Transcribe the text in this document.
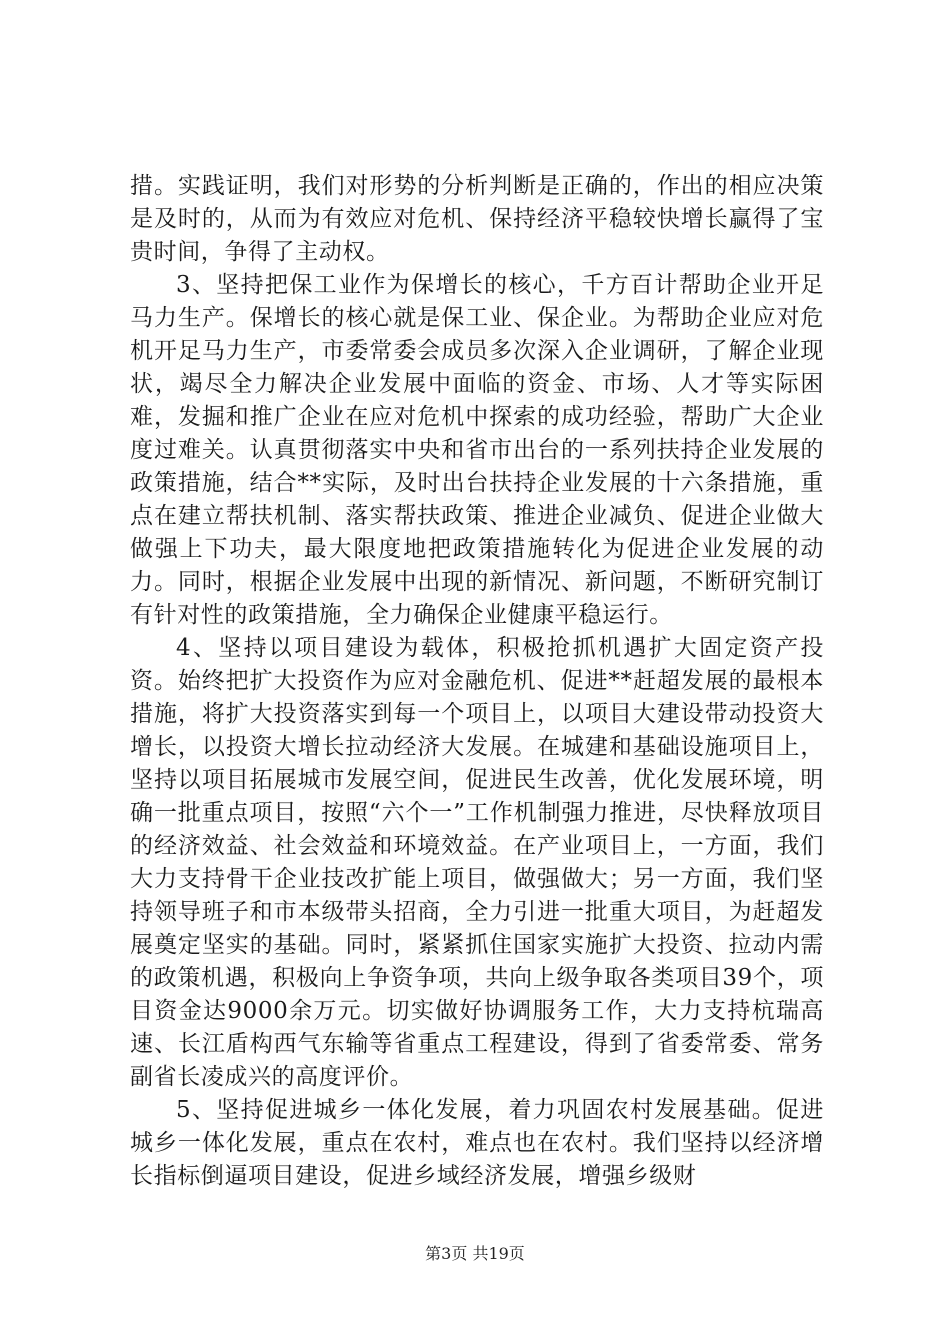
措。实践证明，我们对形势的分析判断是正确的，作出的相应决策是及时的，从而为有效应对危机、保持经济平稳较快增长赢得了宝贵时间，争得了主动权。

3、坚持把保工业作为保增长的核心，千方百计帮助企业开足马力生产。保增长的核心就是保工业、保企业。为帮助企业应对危机开足马力生产，市委常委会成员多次深入企业调研，了解企业现状，竭尽全力解决企业发展中面临的资金、市场、人才等实际困难，发掘和推广企业在应对危机中探索的成功经验，帮助广大企业度过难关。认真贯彻落实中央和省市出台的一系列扶持企业发展的政策措施，结合**实际，及时出台扶持企业发展的十六条措施，重点在建立帮扶机制、落实帮扶政策、推进企业减负、促进企业做大做强上下功夫，最大限度地把政策措施转化为促进企业发展的动力。同时，根据企业发展中出现的新情况、新问题，不断研究制订有针对性的政策措施，全力确保企业健康平稳运行。

4、坚持以项目建设为载体，积极抢抓机遇扩大固定资产投资。始终把扩大投资作为应对金融危机、促进**赶超发展的最根本措施，将扩大投资落实到每一个项目上，以项目大建设带动投资大增长，以投资大增长拉动经济大发展。在城建和基础设施项目上，坚持以项目拓展城市发展空间，促进民生改善，优化发展环境，明确一批重点项目，按照“六个一”工作机制强力推进，尽快释放项目的经济效益、社会效益和环境效益。在产业项目上，一方面，我们大力支持骨干企业技改扩能上项目，做强做大；另一方面，我们坚持领导班子和市本级带头招商，全力引进一批重大项目，为赶超发展奠定坚实的基础。同时，紧紧抓住国家实施扩大投资、拉动内需的政策机遇，积极向上争资争项，共向上级争取各类项目39个，项目资金达9000余万元。切实做好协调服务工作，大力支持杭瑞高速、长江盾构西气东输等省重点工程建设，得到了省委常委、常务副省长凌成兴的高度评价。

5、坚持促进城乡一体化发展，着力巩固农村发展基础。促进城乡一体化发展，重点在农村，难点也在农村。我们坚持以经济增长指标倒逼项目建设，促进乡域经济发展，增强乡级财

第3页 共19页
